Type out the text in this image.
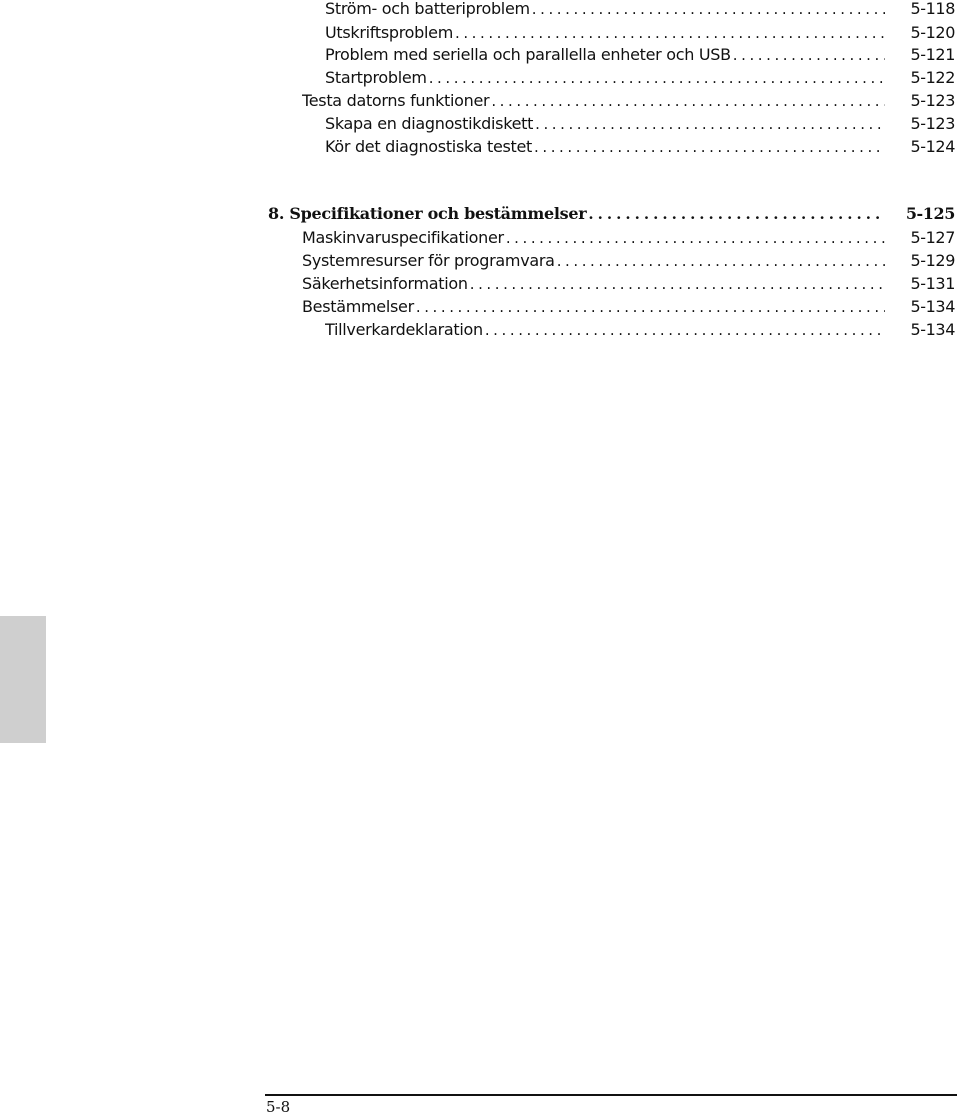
Ström- och batteriproblem . . .	5-118
Utskriftsproblem . . .	5-120
Problem med seriella och parallella enheter och USB . . .	5-121
Startproblem . . .	5-122
Testa datorns funktioner . . .	5-123
Skapa en diagnostikdiskett . . .	5-123
Kör det diagnostiska testet . . .	5-124
8. Specifikationer och bestämmelser . . .	5-125
Maskinvaruspecifikationer . . .	5-127
Systemresurser för programvara . . .	5-129
Säkerhetsinformation . . .	5-131
Bestämmelser . . .	5-134
Tillverkardeklaration . . .	5-134
5-8
